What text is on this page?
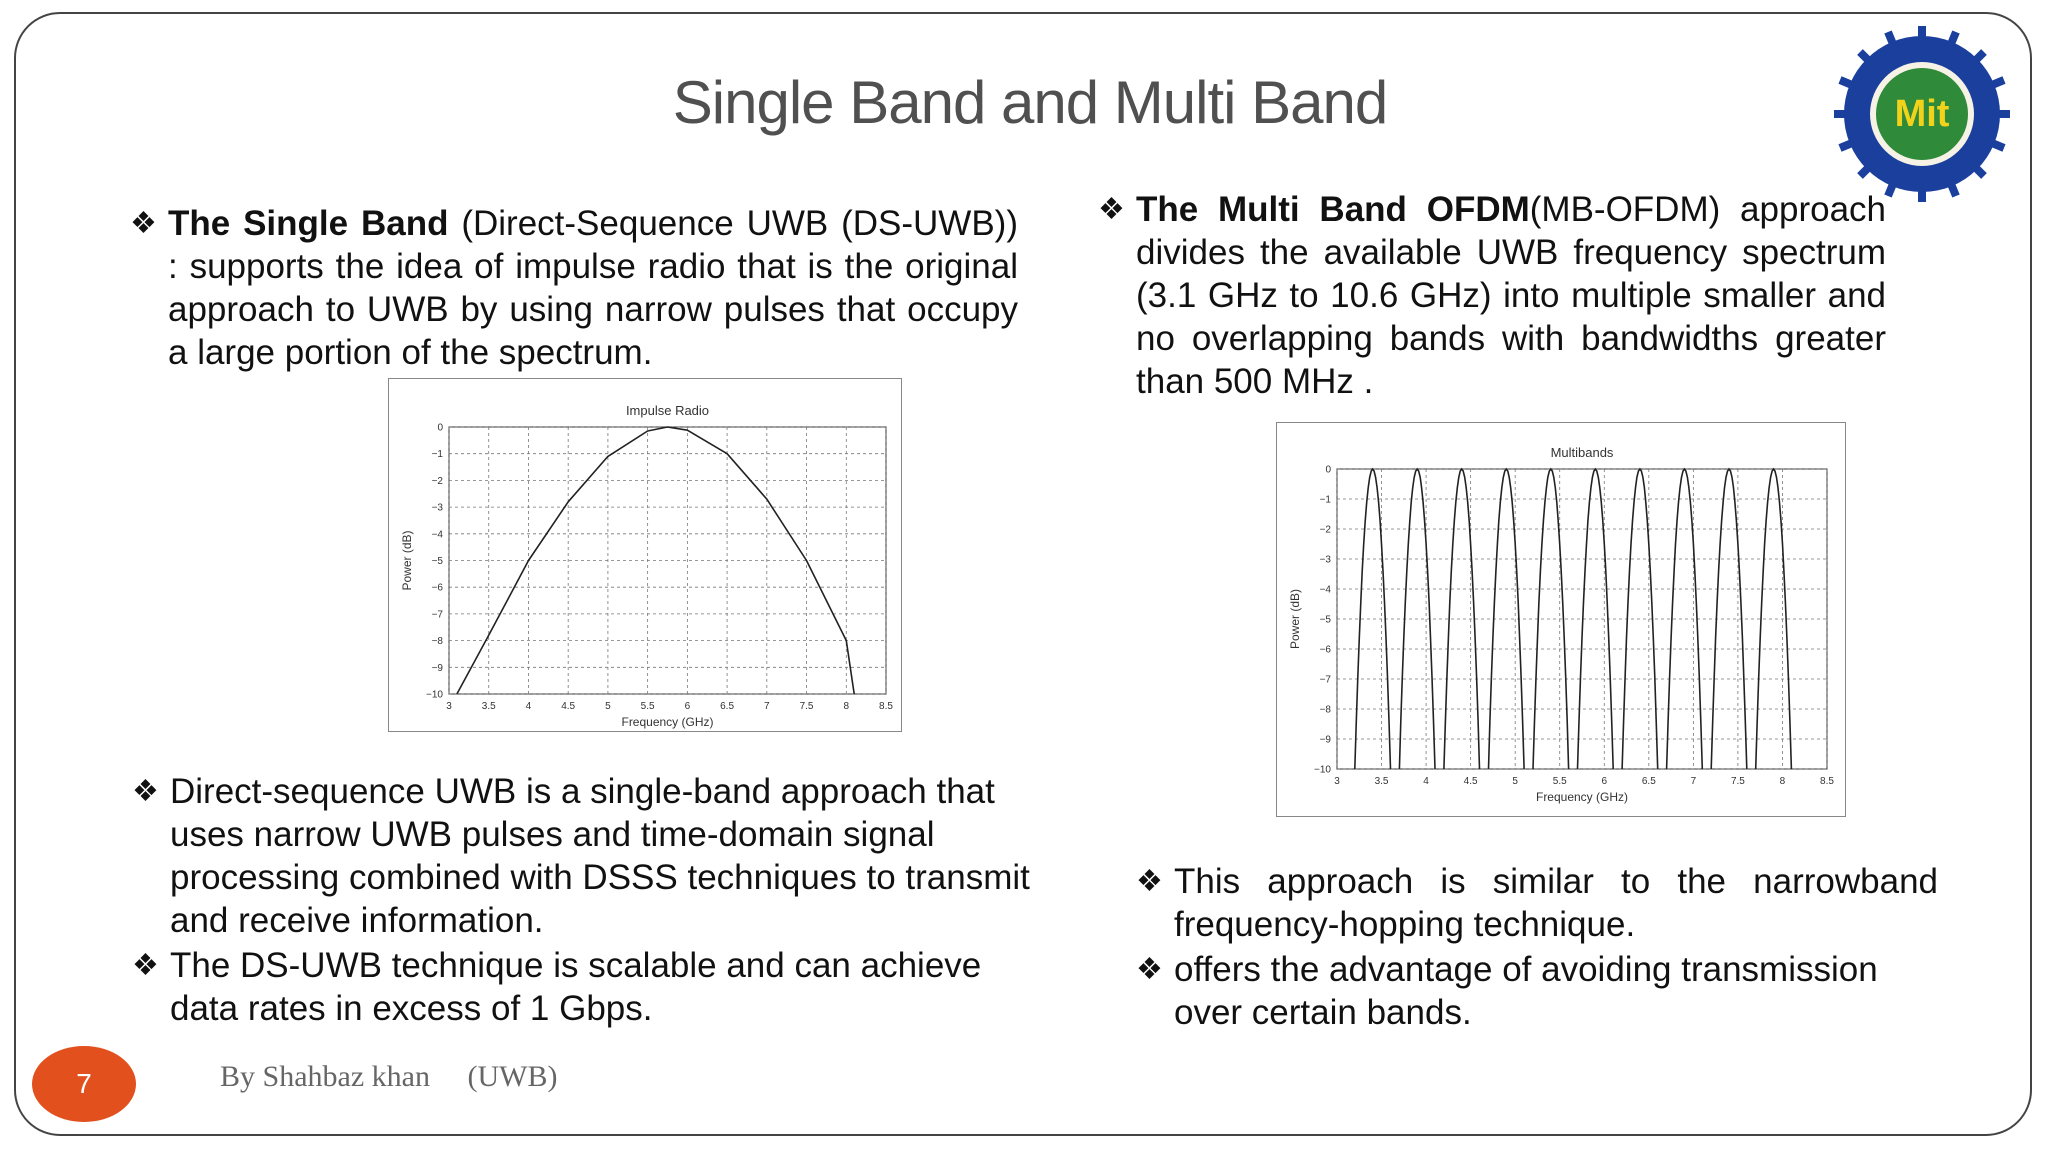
Single Band and Multi Band	Mit
❖ The Single Band (Direct-Sequence UWB (DS-UWB)) : supports the idea of impulse radio that is the original approach to UWB by using narrow pulses that occupy a large portion of the spectrum.
3	3.5	4	4.5	5	5.5	6	6.5	7	7.5	8	8.5
0
−1
−2
−3
−4
−5
−6
−7
−8
−9
−10
Impulse Radio
Frequency (GHz)
Power (dB)
❖ Direct-sequence UWB is a single-band approach that uses narrow UWB pulses and time-domain signal processing combined with DSSS techniques to transmit and receive information.
❖ The DS-UWB technique is scalable and can achieve data rates in excess of 1 Gbps.
❖ The Multi Band OFDM(MB-OFDM) approach divides the available UWB frequency spectrum (3.1 GHz to 10.6 GHz) into multiple smaller and no overlapping bands with bandwidths greater than 500 MHz .
3	3.5	4	4.5	5	5.5	6	6.5	7	7.5	8	8.5
0
−1
−2
−3
−4
−5
−6
−7
−8
−9
−10
Multibands
Frequency (GHz)
Power (dB)
❖ This approach is similar to the narrowband frequency-hopping technique.
❖ offers the advantage of avoiding transmission over certain bands.
7	By Shahbaz khan (UWB)
